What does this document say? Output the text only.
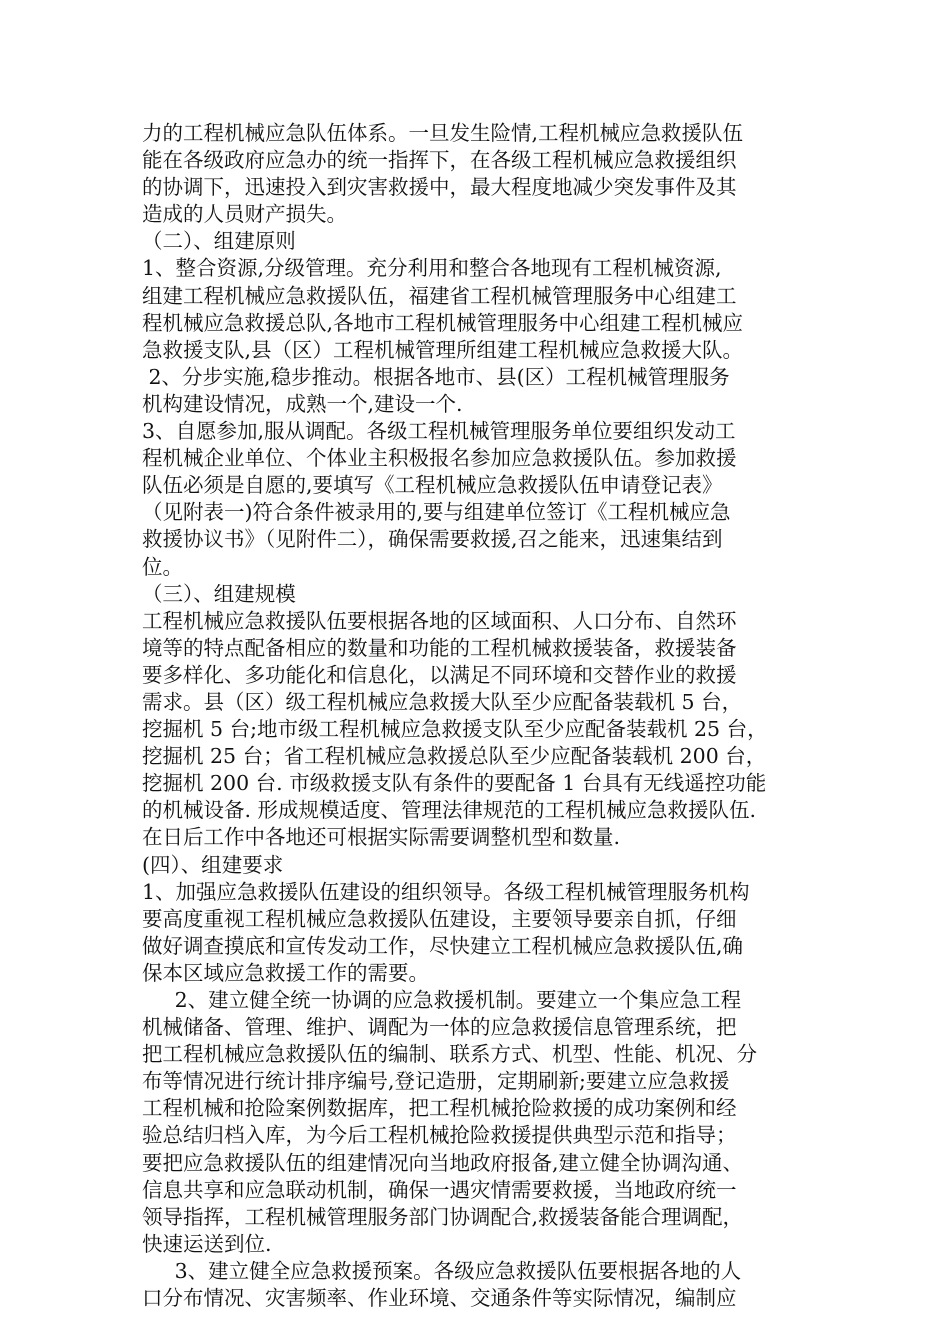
力的工程机械应急队伍体系。一旦发生险情,工程机械应急救援队伍
能在各级政府应急办的统一指挥下，在各级工程机械应急救援组织
的协调下，迅速投入到灾害救援中，最大程度地减少突发事件及其
造成的人员财产损失。
（二）、组建原则
1、整合资源,分级管理。充分利用和整合各地现有工程机械资源,
组建工程机械应急救援队伍，福建省工程机械管理服务中心组建工
程机械应急救援总队,各地市工程机械管理服务中心组建工程机械应
急救援支队,县（区）工程机械管理所组建工程机械应急救援大队。
2、分步实施,稳步推动。根据各地市、县(区）工程机械管理服务
机构建设情况，成熟一个,建设一个.
3、自愿参加,服从调配。各级工程机械管理服务单位要组织发动工
程机械企业单位、个体业主积极报名参加应急救援队伍。参加救援
队伍必须是自愿的,要填写《工程机械应急救援队伍申请登记表》
（见附表一)符合条件被录用的,要与组建单位签订《工程机械应急
救援协议书》（见附件二），确保需要救援,召之能来，迅速集结到
位。
（三）、组建规模
工程机械应急救援队伍要根据各地的区域面积、人口分布、自然环
境等的特点配备相应的数量和功能的工程机械救援装备，救援装备
要多样化、多功能化和信息化，以满足不同环境和交替作业的救援
需求。县（区）级工程机械应急救援大队至少应配备装载机 5 台，
挖掘机 5 台;地市级工程机械应急救援支队至少应配备装载机 25 台，
挖掘机 25 台；省工程机械应急救援总队至少应配备装载机 200 台，
挖掘机 200 台. 市级救援支队有条件的要配备 1 台具有无线遥控功能
的机械设备. 形成规模适度、管理法律规范的工程机械应急救援队伍.
在日后工作中各地还可根据实际需要调整机型和数量.
(四）、组建要求
1、加强应急救援队伍建设的组织领导。各级工程机械管理服务机构
要高度重视工程机械应急救援队伍建设，主要领导要亲自抓，仔细
做好调查摸底和宣传发动工作，尽快建立工程机械应急救援队伍,确
保本区域应急救援工作的需要。
2、建立健全统一协调的应急救援机制。要建立一个集应急工程
机械储备、管理、维护、调配为一体的应急救援信息管理系统，把
把工程机械应急救援队伍的编制、联系方式、机型、性能、机况、分
布等情况进行统计排序编号,登记造册，定期刷新;要建立应急救援
工程机械和抢险案例数据库，把工程机械抢险救援的成功案例和经
验总结归档入库，为今后工程机械抢险救援提供典型示范和指导；
要把应急救援队伍的组建情况向当地政府报备,建立健全协调沟通、
信息共享和应急联动机制，确保一遇灾情需要救援，当地政府统一
领导指挥，工程机械管理服务部门协调配合,救援装备能合理调配，
快速运送到位.
3、建立健全应急救援预案。各级应急救援队伍要根据各地的人
口分布情况、灾害频率、作业环境、交通条件等实际情况，编制应
